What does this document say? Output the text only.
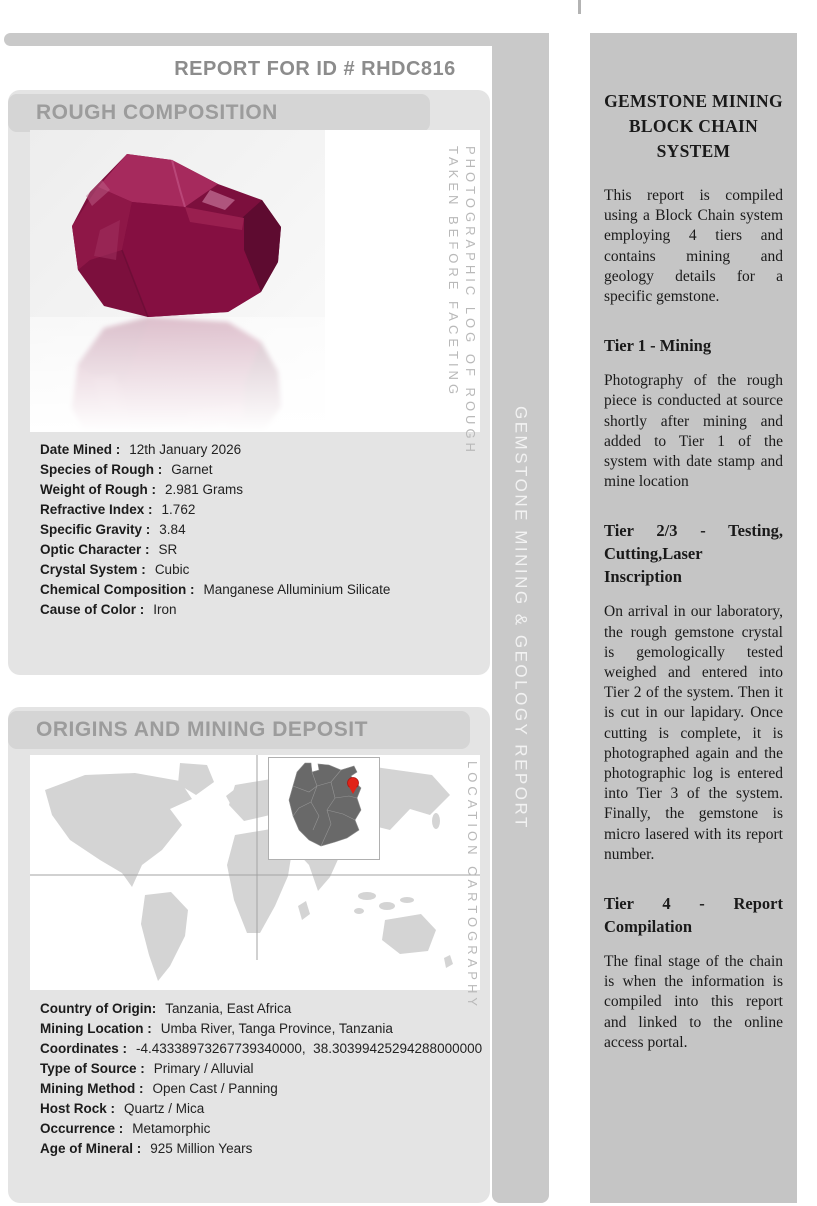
GEMSTONE MINING & GEOLOGY REPORT
REPORT FOR ID # RHDC816
ROUGH COMPOSITION
PHOTOGRAPHIC LOG OF ROUGH
TAKEN BEFORE FACETING
Date Mined : 12th January 2026
Species of Rough : Garnet
Weight of Rough : 2.981 Grams
Refractive Index : 1.762
Specific Gravity : 3.84
Optic Character : SR
Crystal System : Cubic
Chemical Composition : Manganese Alluminium Silicate
Cause of Color : Iron
ORIGINS AND MINING DEPOSIT
LOCATION CARTOGRAPHY
Country of Origin: Tanzania, East Africa
Mining Location : Umba River, Tanga Province, Tanzania
Coordinates : -4.43338973267739340000,  38.30399425294288000000
Type of Source : Primary / Alluvial
Mining Method : Open Cast / Panning
Host Rock : Quartz / Mica
Occurrence : Metamorphic
Age of Mineral : 925 Million Years
GEMSTONE MINING BLOCK CHAIN SYSTEM

This report is compiled using a Block Chain system employing 4 tiers and contains mining and geology details for a specific gemstone.

Tier 1 - Mining

Photography of the rough piece is conducted at source shortly after mining and added to Tier 1 of the system with date stamp and mine location

Tier 2/3 - Testing, Cutting,Laser Inscription

On arrival in our laboratory, the rough gemstone crystal is gemologically tested weighed and entered into Tier 2 of the system. Then it is cut in our lapidary. Once cutting is complete, it is photographed again and the photographic log is entered into Tier 3 of the system. Finally, the gemstone is micro lasered with its report number.

Tier 4 - Report Compilation

The final stage of the chain is when the information is compiled into this report and linked to the online access portal.
